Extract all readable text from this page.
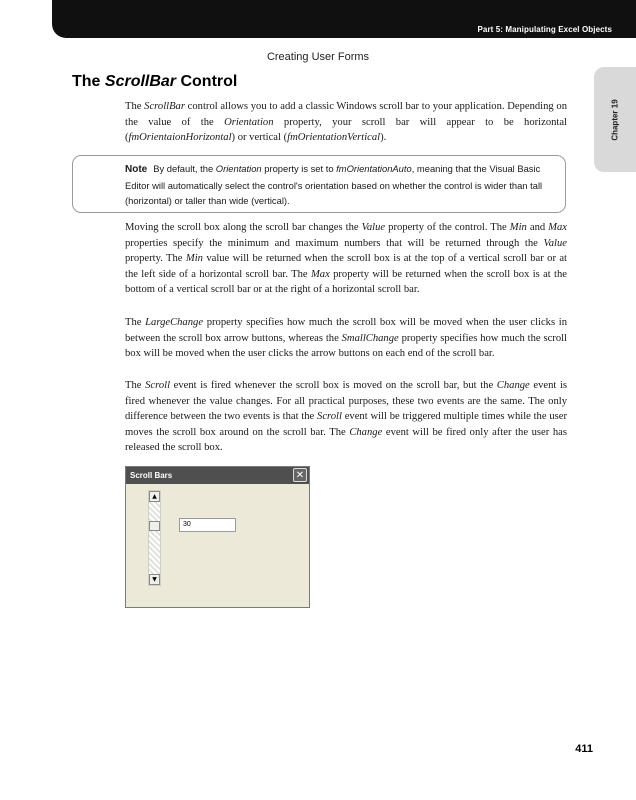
Part 5: Manipulating Excel Objects
Creating User Forms
Chapter 19
The ScrollBar Control

The ScrollBar control allows you to add a classic Windows scroll bar to your application. Depending on the value of the Orientation property, your scroll bar will appear to be horizontal (fmOrientaionHorizontal) or vertical (fmOrientationVertical).

Note By default, the Orientation property is set to fmOrientationAuto, meaning that the Visual Basic Editor will automatically select the control's orientation based on whether the control is wider than tall (horizontal) or taller than wide (vertical).

Moving the scroll box along the scroll bar changes the Value property of the control. The Min and Max properties specify the minimum and maximum numbers that will be returned through the Value property. The Min value will be returned when the scroll box is at the top of a vertical scroll bar or at the left side of a horizontal scroll bar. The Max property will be returned when the scroll box is at the bottom of a vertical scroll bar or at the right of a horizontal scroll bar.

The LargeChange property specifies how much the scroll box will be moved when the user clicks in between the scroll box arrow buttons, whereas the SmallChange property specifies how much the scroll box will be moved when the user clicks the arrow buttons on each end of the scroll bar.

The Scroll event is fired whenever the scroll box is moved on the scroll bar, but the Change event is fired whenever the value changes. For all practical purposes, these two events are the same. The only difference between the two events is that the Scroll event will be triggered multiple times while the user moves the scroll box around on the scroll bar. The Change event will be fired only after the user has released the scroll box.

Scroll Bars	✕
▲
▼
30
411
